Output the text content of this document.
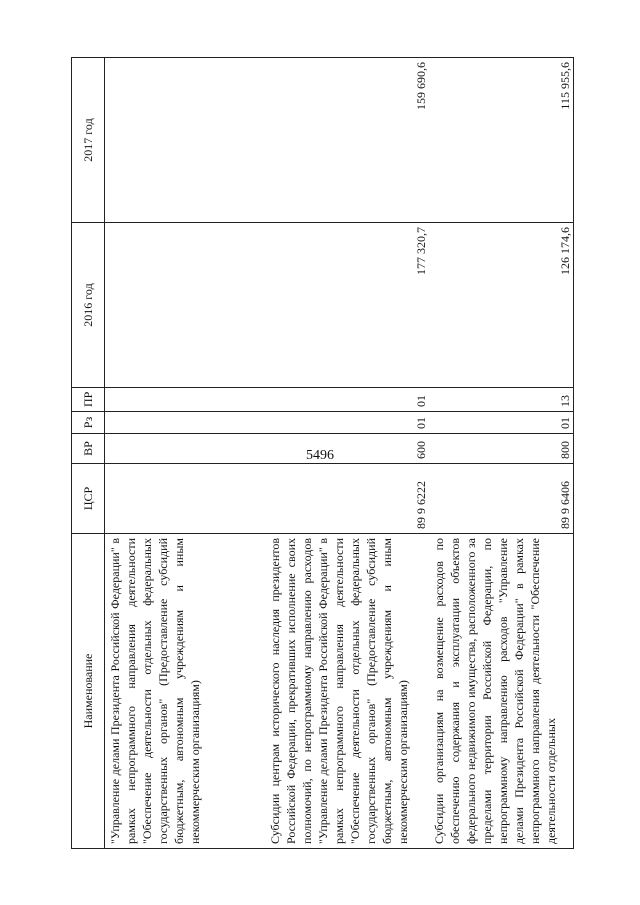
5496
Наименование	ЦСР	ВР	Рз	ПР	2016 год	2017 год
"Управление делами Президента Российской Федерации" в рамках непрограммного направления деятельности "Обеспечение деятельности отдельных федеральных государственных органов" (Предоставление субсидий бюджетным, автономным учреждениям и иным некоммерческим организациям)						
Субсидии центрам исторического наследия президентов Российской Федерации, прекративших исполнение своих полномочий, по непрограммному направлению расходов "Управление делами Президента Российской Федерации" в рамках непрограммного направления деятельности "Обеспечение деятельности отдельных федеральных государственных органов" (Предоставление субсидий бюджетным, автономным учреждениям и иным некоммерческим организациям)	89 9 6222	600	01	01	177 320,7	159 690,6
Субсидии организациям на возмещение расходов по обеспечению содержания и эксплуатации объектов федерального недвижимого имущества, расположенного за пределами территории Российской Федерации, по непрограммному направлению расходов "Управление делами Президента Российской Федерации" в рамках непрограммного направления деятельности "Обеспечение деятельности отдельных	89 9 6406	800	01	13	126 174,6	115 955,6
